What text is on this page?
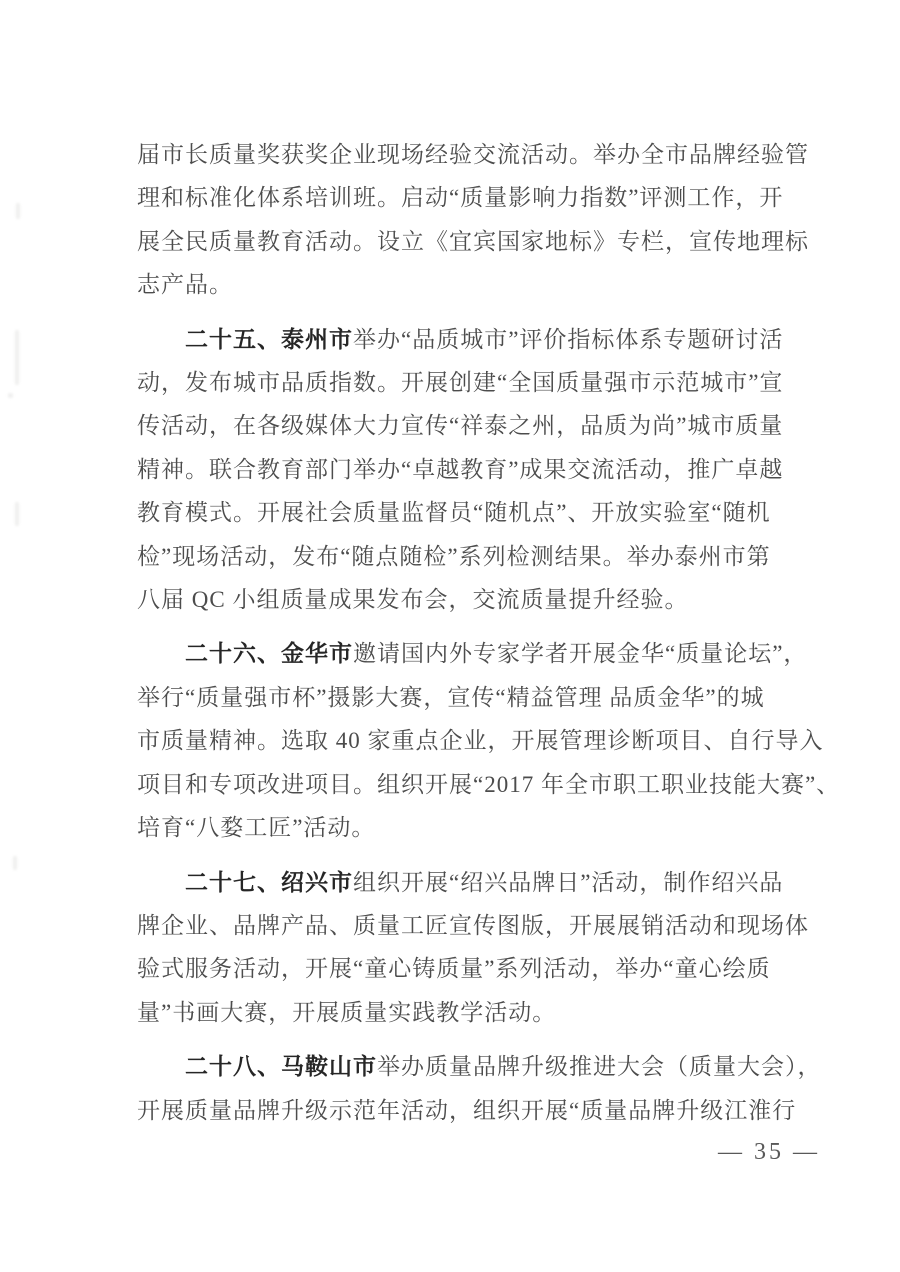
届市长质量奖获奖企业现场经验交流活动。举办全市品牌经验管
理和标准化体系培训班。启动“质量影响力指数”评测工作，开
展全民质量教育活动。设立《宜宾国家地标》专栏，宣传地理标
志产品。

二十五、泰州市举办“品质城市”评价指标体系专题研讨活
动，发布城市品质指数。开展创建“全国质量强市示范城市”宣
传活动，在各级媒体大力宣传“祥泰之州，品质为尚”城市质量
精神。联合教育部门举办“卓越教育”成果交流活动，推广卓越
教育模式。开展社会质量监督员“随机点”、开放实验室“随机
检”现场活动，发布“随点随检”系列检测结果。举办泰州市第
八届 QC 小组质量成果发布会，交流质量提升经验。

二十六、金华市邀请国内外专家学者开展金华“质量论坛”，
举行“质量强市杯”摄影大赛，宣传“精益管理 品质金华”的城
市质量精神。选取 40 家重点企业，开展管理诊断项目、自行导入
项目和专项改进项目。组织开展“2017 年全市职工职业技能大赛”、
培育“八婺工匠”活动。

二十七、绍兴市组织开展“绍兴品牌日”活动，制作绍兴品
牌企业、品牌产品、质量工匠宣传图版，开展展销活动和现场体
验式服务活动，开展“童心铸质量”系列活动，举办“童心绘质
量”书画大赛，开展质量实践教学活动。

二十八、马鞍山市举办质量品牌升级推进大会（质量大会），
开展质量品牌升级示范年活动，组织开展“质量品牌升级江淮行

— 35 —
